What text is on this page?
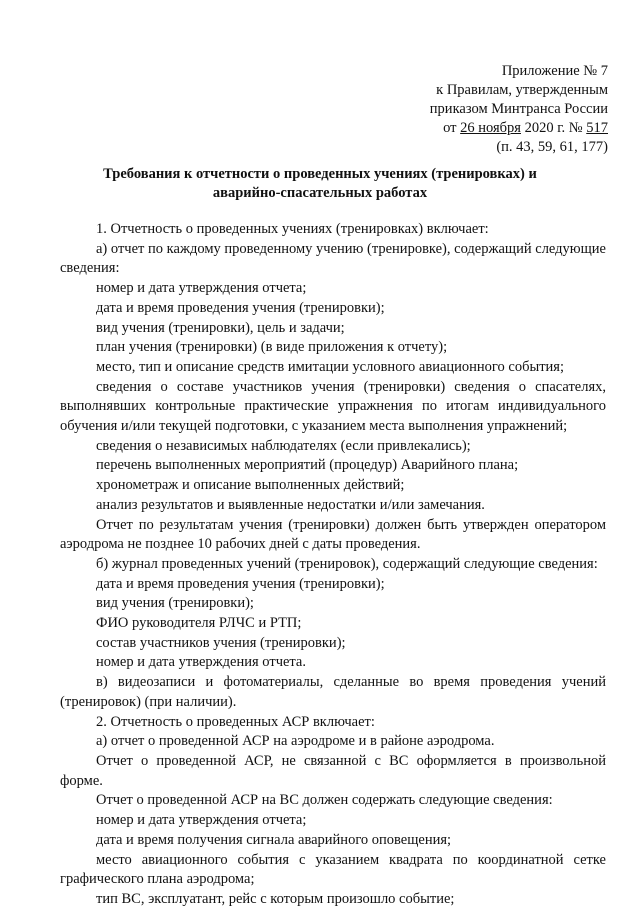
Приложение № 7
к Правилам, утвержденным
приказом Минтранса России
от 26 ноября 2020 г. № 517
(п. 43, 59, 61, 177)
Требования к отчетности о проведенных учениях (тренировках) и
аварийно-спасательных работах

1. Отчетность о проведенных учениях (тренировках) включает:

а) отчет по каждому проведенному учению (тренировке), содержащий следующие сведения:

номер и дата утверждения отчета;

дата и время проведения учения (тренировки);

вид учения (тренировки), цель и задачи;

план учения (тренировки) (в виде приложения к отчету);

место, тип и описание средств имитации условного авиационного события;

сведения о составе участников учения (тренировки) сведения о спасателях, выполнявших контрольные практические упражнения по итогам индивидуального обучения и/или текущей подготовки, с указанием места выполнения упражнений;

сведения о независимых наблюдателях (если привлекались);

перечень выполненных мероприятий (процедур) Аварийного плана;

хронометраж и описание выполненных действий;

анализ результатов и выявленные недостатки и/или замечания.

Отчет по результатам учения (тренировки) должен быть утвержден оператором аэродрома не позднее 10 рабочих дней с даты проведения.

б) журнал проведенных учений (тренировок), содержащий следующие сведения:

дата и время проведения учения (тренировки);

вид учения (тренировки);

ФИО руководителя РЛЧС и РТП;

состав участников учения (тренировки);

номер и дата утверждения отчета.

в) видеозаписи и фотоматериалы, сделанные во время проведения учений (тренировок) (при наличии).

2. Отчетность о проведенных АСР включает:

а) отчет о проведенной АСР на аэродроме и в районе аэродрома.

Отчет о проведенной АСР, не связанной с ВС оформляется в произвольной форме.

Отчет о проведенной АСР на ВС должен содержать следующие сведения:

номер и дата утверждения отчета;

дата и время получения сигнала аварийного оповещения;

место авиационного события с указанием квадрата по координатной сетке графического плана аэродрома;

тип ВС, эксплуатант, рейс с которым произошло событие;
